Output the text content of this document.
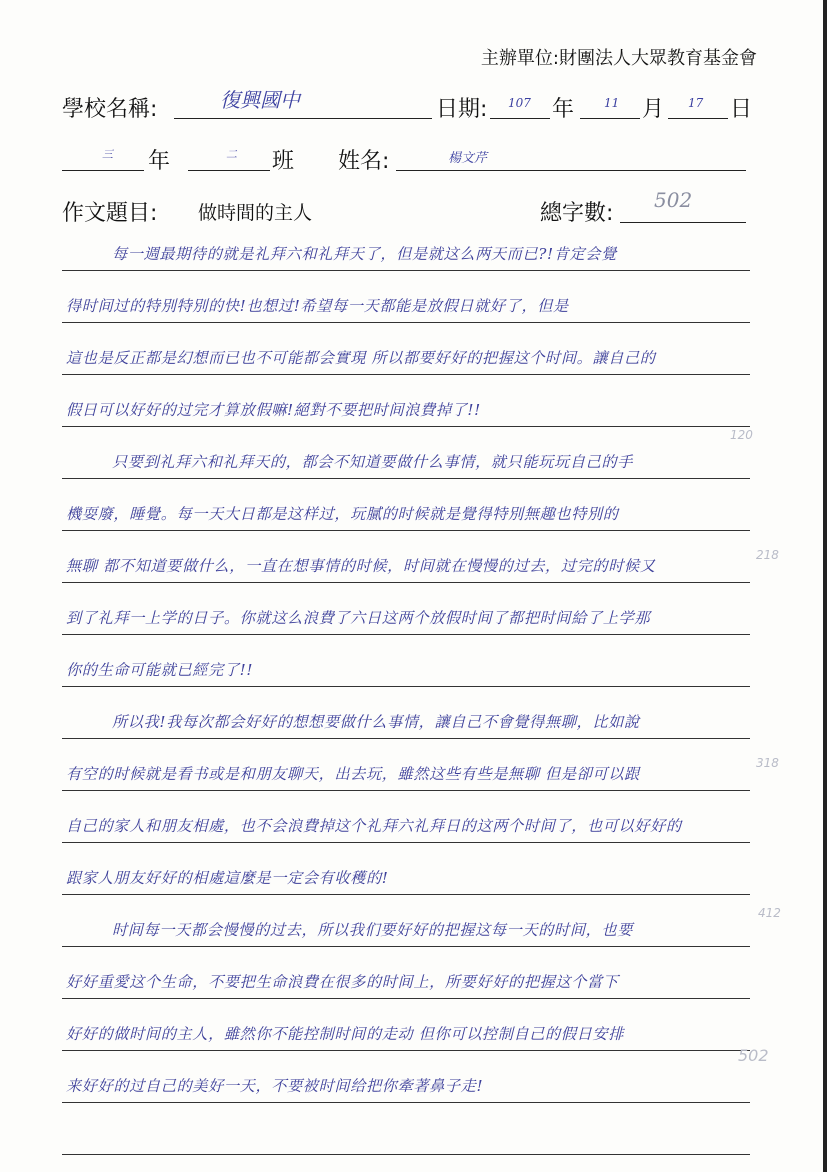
主辦單位:財團法人大眾教育基金會
學校名稱:	復興國中	日期: 107 年 11 月 17 日
三 年	二 班 姓名:	楊文芹
作文題目: 做時間的主人	總字數:
502
每一週最期待的就是礼拜六和礼拜天了，但是就这么两天而已?!肯定会覺
得时间过的特別特別的快!也想过!希望每一天都能是放假日就好了，但是
這也是反正都是幻想而已也不可能都会實現 所以都要好好的把握这个时间。讓自己的
假日可以好好的过完才算放假嘛!絕對不要把时间浪費掉了!!
只要到礼拜六和礼拜天的，都会不知道要做什么事情，就只能玩玩自己的手
機耍廢，睡覺。每一天大日都是这样过，玩膩的时候就是覺得特別無趣也特別的
無聊 都不知道要做什么，一直在想事情的时候，时间就在慢慢的过去，过完的时候又
到了礼拜一上学的日子。你就这么浪費了六日这两个放假时间了都把时间給了上学那
你的生命可能就已經完了!!
所以我!我每次都会好好的想想要做什么事情，讓自己不會覺得無聊，比如說
有空的时候就是看书或是和朋友聊天，出去玩，雖然这些有些是無聊 但是卻可以跟
自己的家人和朋友相處，也不会浪費掉这个礼拜六礼拜日的这两个时间了，也可以好好的
跟家人朋友好好的相處這麼是一定会有收穫的!
时间每一天都会慢慢的过去，所以我们要好好的把握这每一天的时间，也要
好好重愛这个生命，不要把生命浪費在很多的时间上，所要好好的把握这个當下
好好的做时间的主人，雖然你不能控制时间的走动 但你可以控制自己的假日安排
来好好的过自己的美好一天，不要被时间给把你牽著鼻子走!
120
218
318
412
502
